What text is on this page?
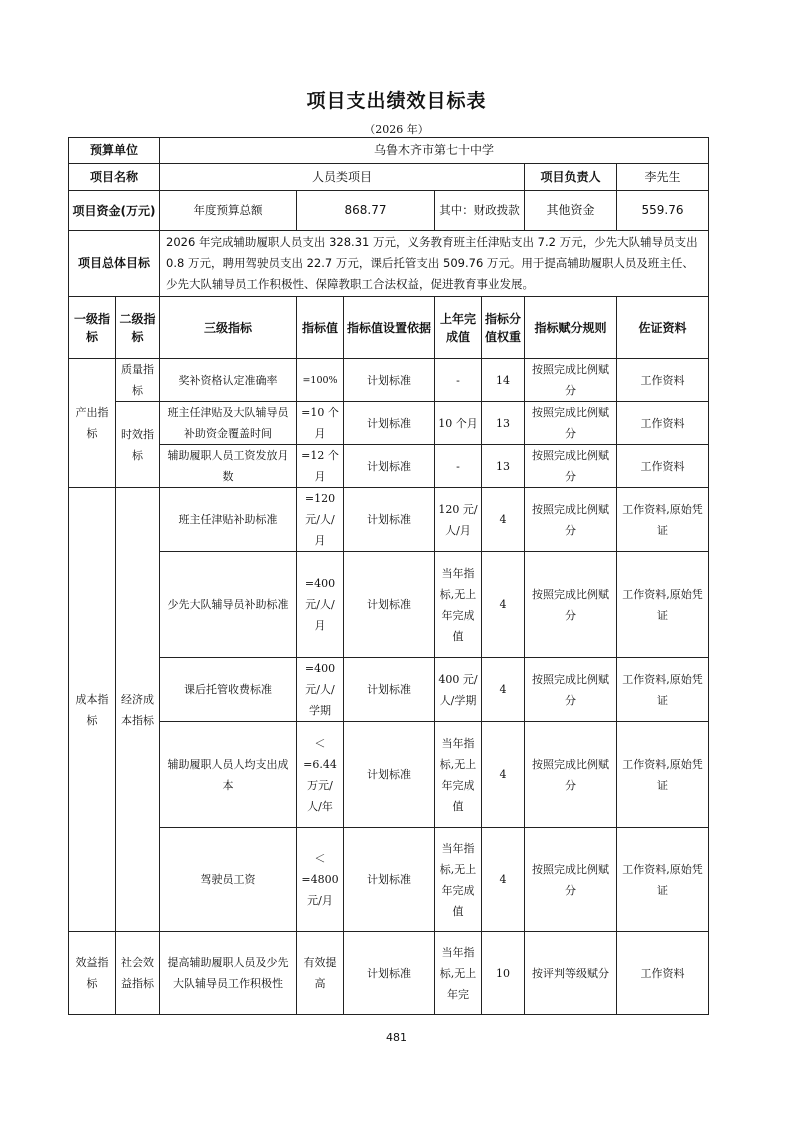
项目支出绩效目标表
（2026 年）
预算单位		乌鲁木齐市第七十中学						
项目名称		人员类项目					项目负责人	李先生
项目资金(万元)		年度预算总额	868.77		其中：财政拨款		其他资金	559.76
项目总体目标		2026 年完成辅助履职人员支出 328.31 万元，义务教育班主任津贴支出 7.2 万元，少先大队辅导员支出 0.8 万元，聘用驾驶员支出 22.7 万元，课后托管支出 509.76 万元。用于提高辅助履职人员及班主任、少先大队辅导员工作积极性、保障教职工合法权益，促进教育事业发展。						
一级指标	二级指标	三级指标	指标值	指标值设置依据	上年完成值	指标分值权重	指标赋分规则	佐证资料
产出指标	质量指标	奖补资格认定准确率	=100%	计划标准	-	14	按照完成比例赋分	工作资料
	时效指标	班主任津贴及大队辅导员补助资金覆盖时间	=10 个月	计划标准	10 个月	13	按照完成比例赋分	工作资料
		辅助履职人员工资发放月数	=12 个月	计划标准	-	13	按照完成比例赋分	工作资料
成本指标	经济成本指标	班主任津贴补助标准	=120 元/人/月	计划标准	120 元/人/月	4	按照完成比例赋分	工作资料,原始凭证
		少先大队辅导员补助标准	=400 元/人/月	计划标准	当年指标,无上年完成值	4	按照完成比例赋分	工作资料,原始凭证
		课后托管收费标准	=400 元/人/学期	计划标准	400 元/人/学期	4	按照完成比例赋分	工作资料,原始凭证
		辅助履职人员人均支出成本	＜=6.44 万元/人/年	计划标准	当年指标,无上年完成值	4	按照完成比例赋分	工作资料,原始凭证
		驾驶员工资	＜=4800 元/月	计划标准	当年指标,无上年完成值	4	按照完成比例赋分	工作资料,原始凭证
效益指标	社会效益指标	提高辅助履职人员及少先大队辅导员工作积极性	有效提高	计划标准	当年指标,无上年完	10	按评判等级赋分	工作资料
481
